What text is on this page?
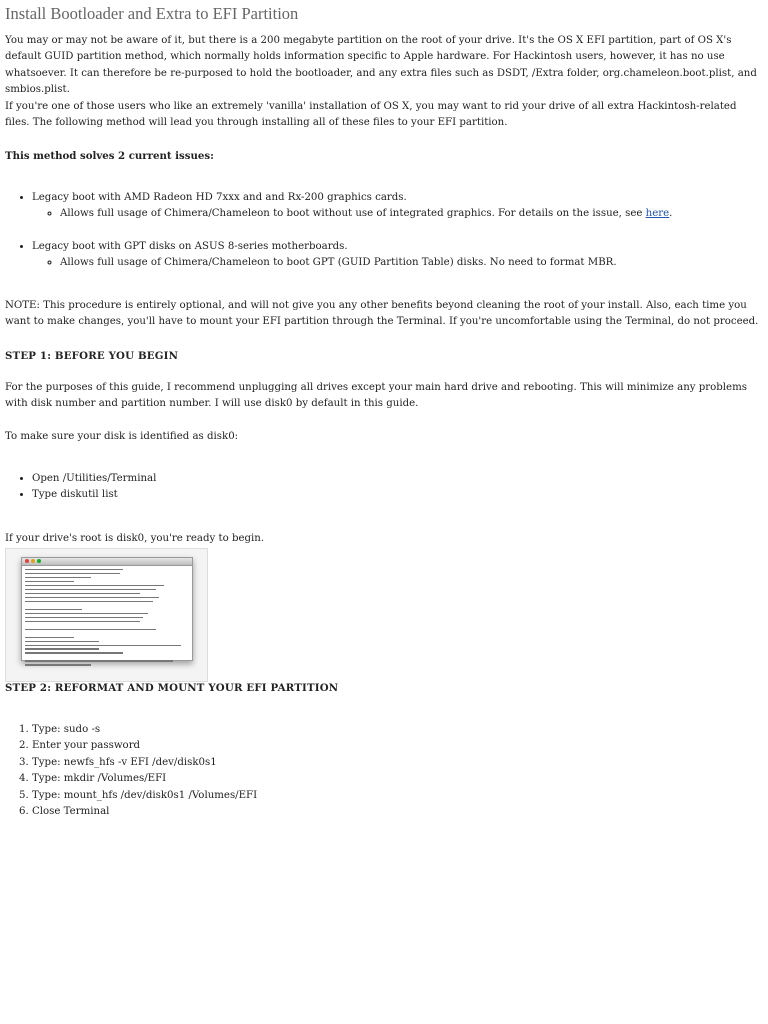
Install Bootloader and Extra to EFI Partition

You may or may not be aware of it, but there is a 200 megabyte partition on the root of your drive. It's the OS X EFI partition, part of OS X's default GUID partition method, which normally holds information specific to Apple hardware. For Hackintosh users, however, it has no use whatsoever. It can therefore be re-purposed to hold the bootloader, and any extra files such as DSDT, /Extra folder, org.chameleon.boot.plist, and smbios.plist.

If you're one of those users who like an extremely 'vanilla' installation of OS X, you may want to rid your drive of all extra Hackintosh-related files. The following method will lead you through installing all of these files to your EFI partition.

This method solves 2 current issues:

• Legacy boot with AMD Radeon HD 7xxx and and Rx-200 graphics cards.
◦ Allows full usage of Chimera/Chameleon to boot without use of integrated graphics. For details on the issue, see here.
• Legacy boot with GPT disks on ASUS 8-series motherboards.
◦ Allows full usage of Chimera/Chameleon to boot GPT (GUID Partition Table) disks. No need to format MBR.

NOTE: This procedure is entirely optional, and will not give you any other benefits beyond cleaning the root of your install. Also, each time you want to make changes, you'll have to mount your EFI partition through the Terminal. If you're uncomfortable using the Terminal, do not proceed.

STEP 1: BEFORE YOU BEGIN

For the purposes of this guide, I recommend unplugging all drives except your main hard drive and rebooting. This will minimize any problems with disk number and partition number. I will use disk0 by default in this guide.

To make sure your disk is identified as disk0:

• Open /Utilities/Terminal
• Type diskutil list

If your drive's root is disk0, you're ready to begin.

STEP 2: REFORMAT AND MOUNT YOUR EFI PARTITION

1. Type: sudo -s
2. Enter your password
3. Type: newfs_hfs -v EFI /dev/disk0s1
4. Type: mkdir /Volumes/EFI
5. Type: mount_hfs /dev/disk0s1 /Volumes/EFI
6. Close Terminal
